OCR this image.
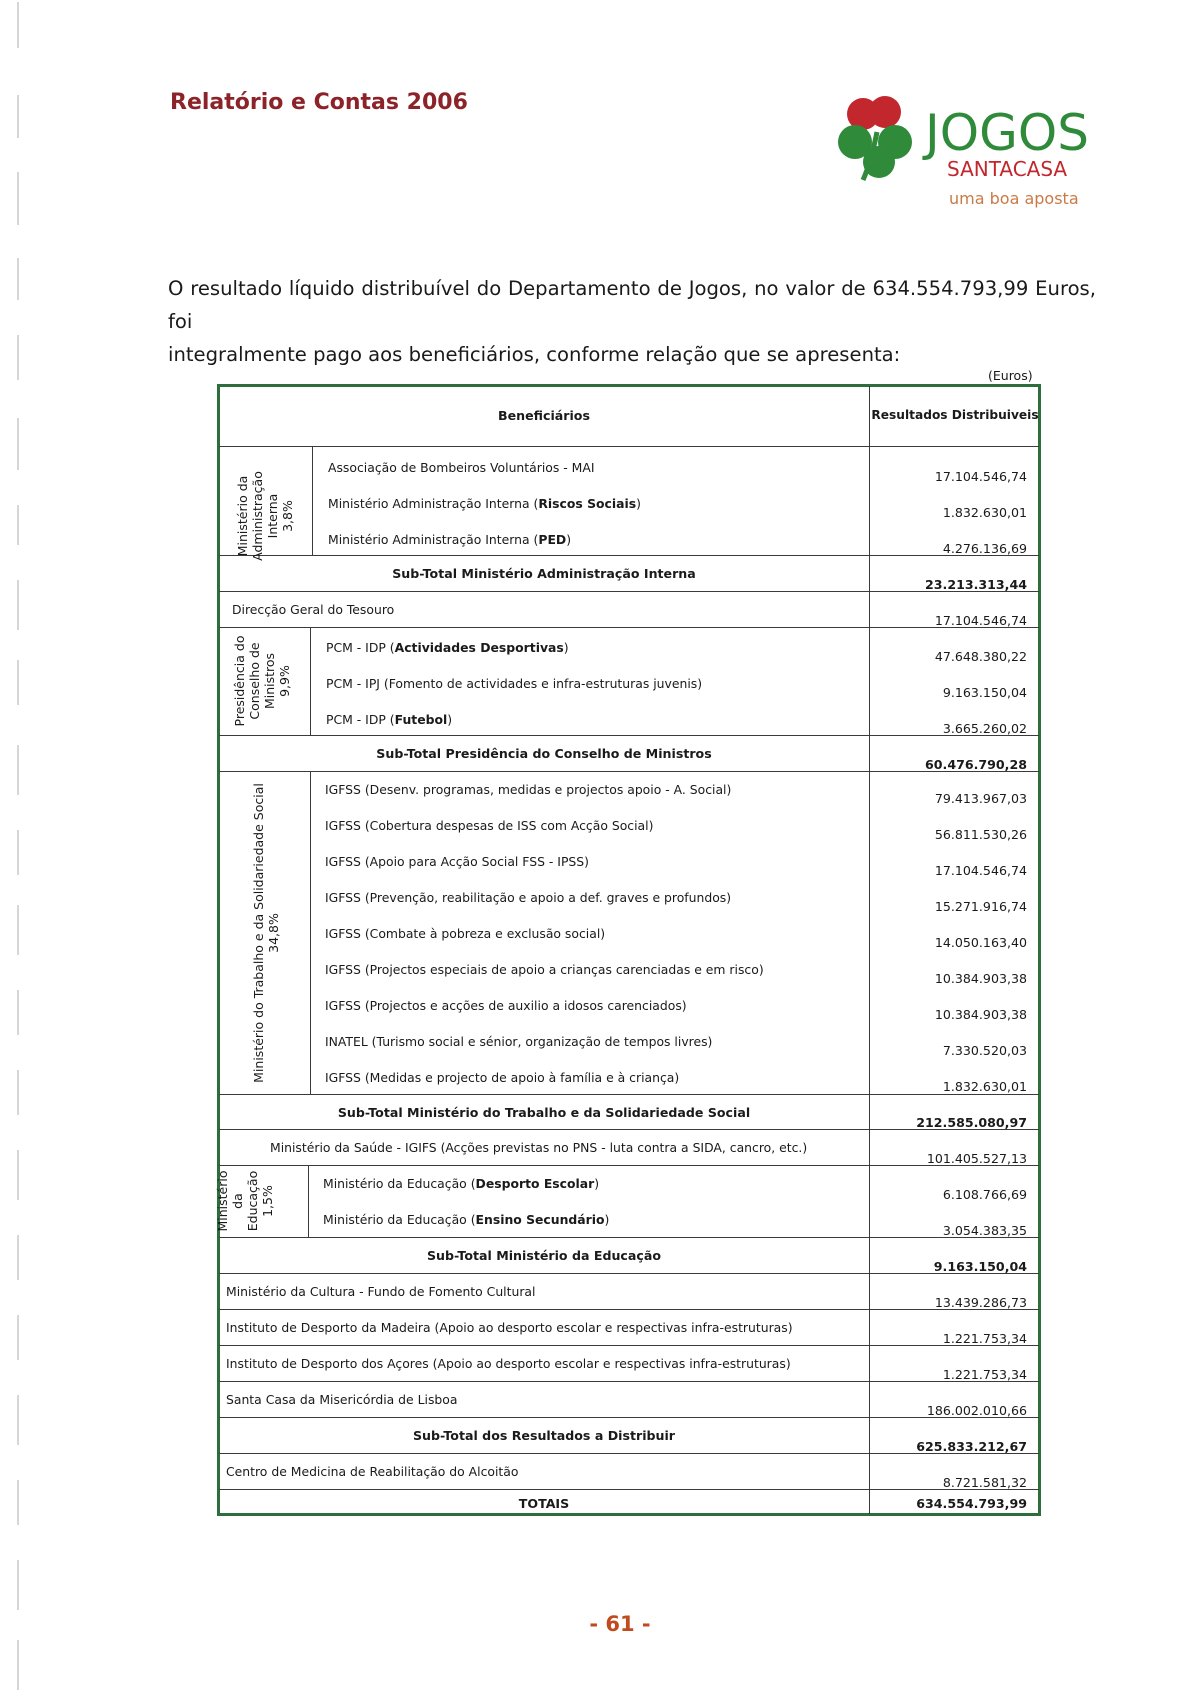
Relatório e Contas 2006
JOGOS
SANTACASA
uma boa aposta

O resultado líquido distribuível do Departamento de Jogos, no valor de 634.554.793,99 Euros, foi

integralmente pago aos beneficiários, conforme relação que se apresenta:

(Euros)
Beneficiários	Resultados Distribuiveis
Ministério da Administração Interna 3,8%
Associação de Bombeiros Voluntários - MAI
Ministério Administração Interna (Riscos Sociais)
Ministério Administração Interna (PED)
17.104.546,74
1.832.630,01
4.276.136,69
Sub-Total Ministério Administração Interna
23.213.313,44
Direcção Geral do Tesouro
17.104.546,74
Presidência do Conselho de Ministros 9,9%
PCM - IDP (Actividades Desportivas)
PCM - IPJ (Fomento de actividades e infra-estruturas juvenis)
PCM - IDP (Futebol)
47.648.380,22
9.163.150,04
3.665.260,02
Sub-Total Presidência do Conselho de Ministros
60.476.790,28
Ministério do Trabalho e da Solidariedade Social 34,8%
IGFSS (Desenv. programas, medidas e projectos apoio - A. Social)
IGFSS (Cobertura despesas de ISS com Acção Social)
IGFSS (Apoio para Acção Social FSS - IPSS)
IGFSS (Prevenção, reabilitação e apoio a def. graves e profundos)
IGFSS (Combate à pobreza e exclusão social)
IGFSS (Projectos especiais de apoio a crianças carenciadas e em risco)
IGFSS (Projectos e acções de auxilio a idosos carenciados)
INATEL (Turismo social e sénior, organização de tempos livres)
IGFSS (Medidas e projecto de apoio à família e à criança)
79.413.967,03
56.811.530,26
17.104.546,74
15.271.916,74
14.050.163,40
10.384.903,38
10.384.903,38
7.330.520,03
1.832.630,01
Sub-Total Ministério do Trabalho e da Solidariedade Social
212.585.080,97
Ministério da Saúde - IGIFS (Acções previstas no PNS - luta contra a SIDA, cancro, etc.)
101.405.527,13
Ministério da Educação 1,5%
Ministério da Educação (Desporto Escolar)
Ministério da Educação (Ensino Secundário)
6.108.766,69
3.054.383,35
Sub-Total Ministério da Educação
9.163.150,04
Ministério da Cultura - Fundo de Fomento Cultural
Instituto de Desporto da Madeira (Apoio ao desporto escolar e respectivas infra-estruturas)
Instituto de Desporto dos Açores (Apoio ao desporto escolar e respectivas infra-estruturas)
Santa Casa da Misericórdia de Lisboa
13.439.286,73
1.221.753,34
1.221.753,34
186.002.010,66
Sub-Total dos Resultados a Distribuir
625.833.212,67
Centro de Medicina de Reabilitação do Alcoitão
8.721.581,32
TOTAIS	634.554.793,99
- 61 -
